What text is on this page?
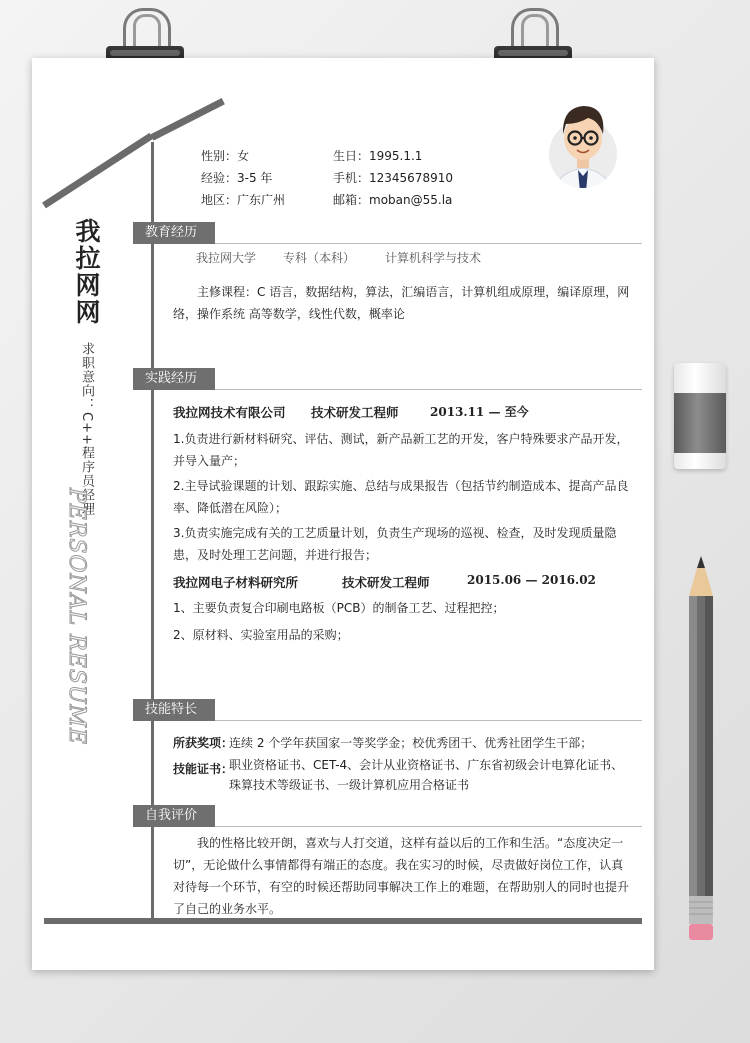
性别：女	生日：1995.1.1
经验：3-5 年	手机：12345678910
地区：广东广州	邮箱：moban@55.la
我拉网网
求职意向：C++程序员经理
PERSONAL RESUME
教育经历
我拉网大学 专科（本科） 计算机科学与技术
主修课程：C 语言，数据结构，算法，汇编语言，计算机组成原理，编译原理，网络，操作系统 高等数学，线性代数，概率论
实践经历
我拉网技术有限公司 技术研发工程师	2013.11 — 至今
1.负责进行新材料研究、评估、测试，新产品新工艺的开发，客户特殊要求产品开发，并导入量产；
2.主导试验课题的计划、跟踪实施、总结与成果报告（包括节约制造成本、提高产品良率、降低潜在风险）；
3.负责实施完成有关的工艺质量计划，负责生产现场的巡视、检查，及时发现质量隐患，及时处理工艺问题，并进行报告；
我拉网电子材料研究所	技术研发工程师	2015.06 — 2016.02
1、主要负责复合印刷电路板（PCB）的制备工艺、过程把控；
2、原材料、实验室用品的采购；
技能特长
所获奖项：
连续 2 个学年获国家一等奖学金；校优秀团干、优秀社团学生干部；
技能证书：
职业资格证书、CET-4、会计从业资格证书、广东省初级会计电算化证书、珠算技术等级证书、一级计算机应用合格证书
自我评价
我的性格比较开朗，喜欢与人打交道，这样有益以后的工作和生活。“态度决定一切”，无论做什么事情都得有端正的态度。我在实习的时候，尽责做好岗位工作，认真对待每一个环节，有空的时候还帮助同事解决工作上的难题，在帮助别人的同时也提升了自己的业务水平。
